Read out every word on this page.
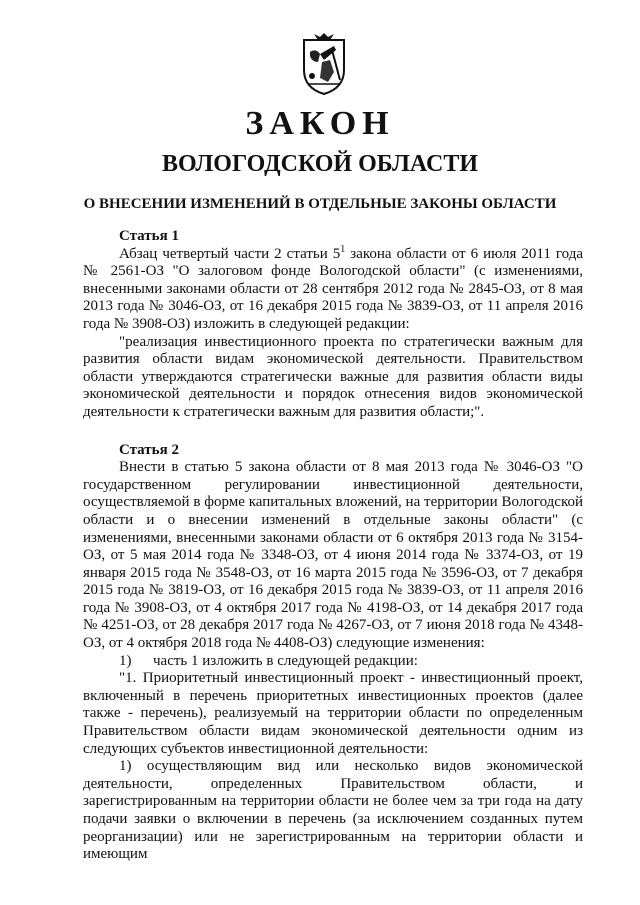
ЗАКОН
ВОЛОГОДСКОЙ ОБЛАСТИ
О ВНЕСЕНИИ ИЗМЕНЕНИЙ В ОТДЕЛЬНЫЕ ЗАКОНЫ ОБЛАСТИ

Статья 1

Абзац четвертый части 2 статьи $5^1$ закона области от 6 июля 2011 года № 2561-ОЗ "О залоговом фонде Вологодской области" (с изменениями, внесенными законами области от 28 сентября 2012 года № 2845-ОЗ, от 8 мая 2013 года № 3046-ОЗ, от 16 декабря 2015 года № 3839-ОЗ, от 11 апреля 2016 года № 3908-ОЗ) изложить в следующей редакции:

"реализация инвестиционного проекта по стратегически важным для развития области видам экономической деятельности. Правительством области утверждаются стратегически важные для развития области виды экономической деятельности и порядок отнесения видов экономической деятельности к стратегически важным для развития области;".

Статья 2

Внести в статью 5 закона области от 8 мая 2013 года № 3046-ОЗ "О государственном регулировании инвестиционной деятельности, осуществляемой в форме капитальных вложений, на территории Вологодской области и о внесении изменений в отдельные законы области" (с изменениями, внесенными законами области от 6 октября 2013 года № 3154-ОЗ, от 5 мая 2014 года № 3348-ОЗ, от 4 июня 2014 года № 3374-ОЗ, от 19 января 2015 года № 3548-ОЗ, от 16 марта 2015 года № 3596-ОЗ, от 7 декабря 2015 года № 3819-ОЗ, от 16 декабря 2015 года № 3839-ОЗ, от 11 апреля 2016 года № 3908-ОЗ, от 4 октября 2017 года № 4198-ОЗ, от 14 декабря 2017 года № 4251-ОЗ, от 28 декабря 2017 года № 4267-ОЗ, от 7 июня 2018 года № 4348-ОЗ, от 4 октября 2018 года № 4408-ОЗ) следующие изменения:

1) часть 1 изложить в следующей редакции:

"1. Приоритетный инвестиционный проект - инвестиционный проект, включенный в перечень приоритетных инвестиционных проектов (далее также - перечень), реализуемый на территории области по определенным Правительством области видам экономической деятельности одним из следующих субъектов инвестиционной деятельности:

1) осуществляющим вид или несколько видов экономической деятельности, определенных Правительством области, и зарегистрированным на территории области не более чем за три года на дату подачи заявки о включении в перечень (за исключением созданных путем реорганизации) или не зарегистрированным на территории области и имеющим
